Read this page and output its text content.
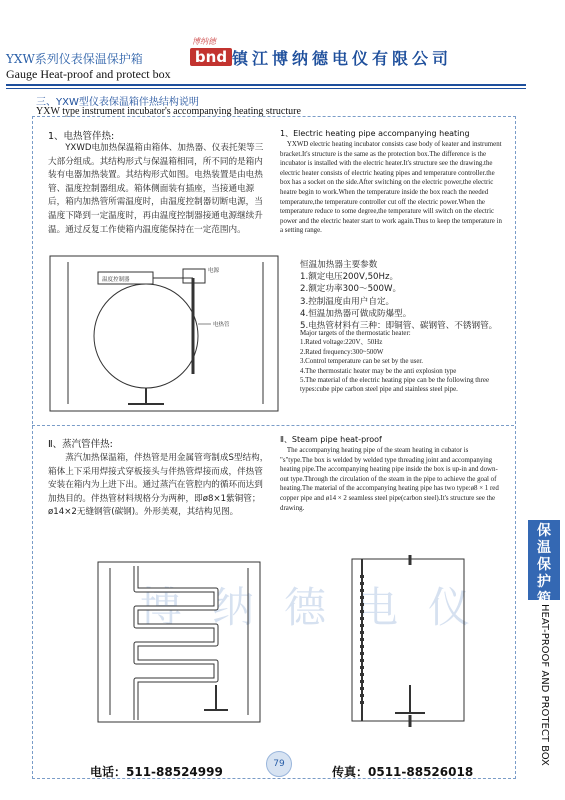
YXW系列仪表保温保护箱
Gauge Heat-proof and protect box
博纳德
bnd 镇江博纳德电仪有限公司
三、YXW型仪表保温箱伴热结构说明
YXW type instrument incubator's accompanying heating structure
博纳德电仪
1、电热管伴热:
YXWD电加热保温箱由箱体、加热器、仪表托架等三大部分组成。其结构形式与保温箱相同，所不同的是箱内装有电器加热装置。其结构形式如图。电热装置是由电热管、温度控制器组成。箱体侧面装有插座，当接通电源后，箱内加热管所需温度时，由温度控制器切断电源，当温度下降到一定温度时，再由温度控制器接通电源继续升温。通过反复工作使箱内温度能保持在一定范围内。
1、Electric heating pipe accompanying heating
YXWD electric heating incubator consists case body of keater and instrument bracket.It's structure is the same as the protection box.The difference is the incubator is installed with the electric heater.It's structure see the drawing.the electric heater consists of electric heating pipes and temperature controller.the box has a socket on the side.After switching on the electric power,the electric heatre begin to work.When the temperature inside the box reach the needed temperature,the temperature controller cut off the electric power.When the temperature reduce to some degree,the temperature will switch on the electric power and the electric heater start to work again.Thus to keep the temperature in a setting range.
温度控制器
电源
电热管
恒温加热器主要参数
1.额定电压200V,50Hz。
2.额定功率300～500W。
3.控制温度由用户自定。
4.恒温加热器可做成防爆型。
5.电热管材料有三种：即铜管、碳钢管、不锈钢管。
Major targets of the thermostatic heater:
1.Rated voltage:220V、50Hz
2.Rated frequency:300~500W
3.Control temperature can be set by the user.
4.The thermostatic heater may be the anti explosion type
5.The material of the electric heating pipe can be the following three types:cube pipe carbon steel pipe and stainless steel pipe.
Ⅱ、蒸汽管伴热:
蒸汽加热保温箱，伴热管是用金属管弯制成S型结构，箱体上下采用焊接式穿板接头与伴热管焊接而成，伴热管安装在箱内为上进下出。通过蒸汽在管腔内的循环而达到加热目的。伴热管材料规格分为两种，即ø8×1紫铜管；ø14×2无缝钢管(碳钢)。外形美观，其结构见图。
Ⅱ、Steam pipe heat-proof
The accompanying heating pipe of the steam heating in cubator is "s"type.The box is welded by welded type threading joint and accompanying heating pipe.The accompanying heating pipe inside the box is up-in and down-out type.Through the circulation of the steam in the pipe to achieve the goal of heating.The material of the accompanying heating pipe has two type:ø8 × 1 red copper pipe and ø14 × 2 seamless steel pipe(carbon steel).It's structure see the drawing.
保温保护箱
HEAT-PROOF AND PROTECT BOX
电话：511-88524999
79
传真：0511-88526018
